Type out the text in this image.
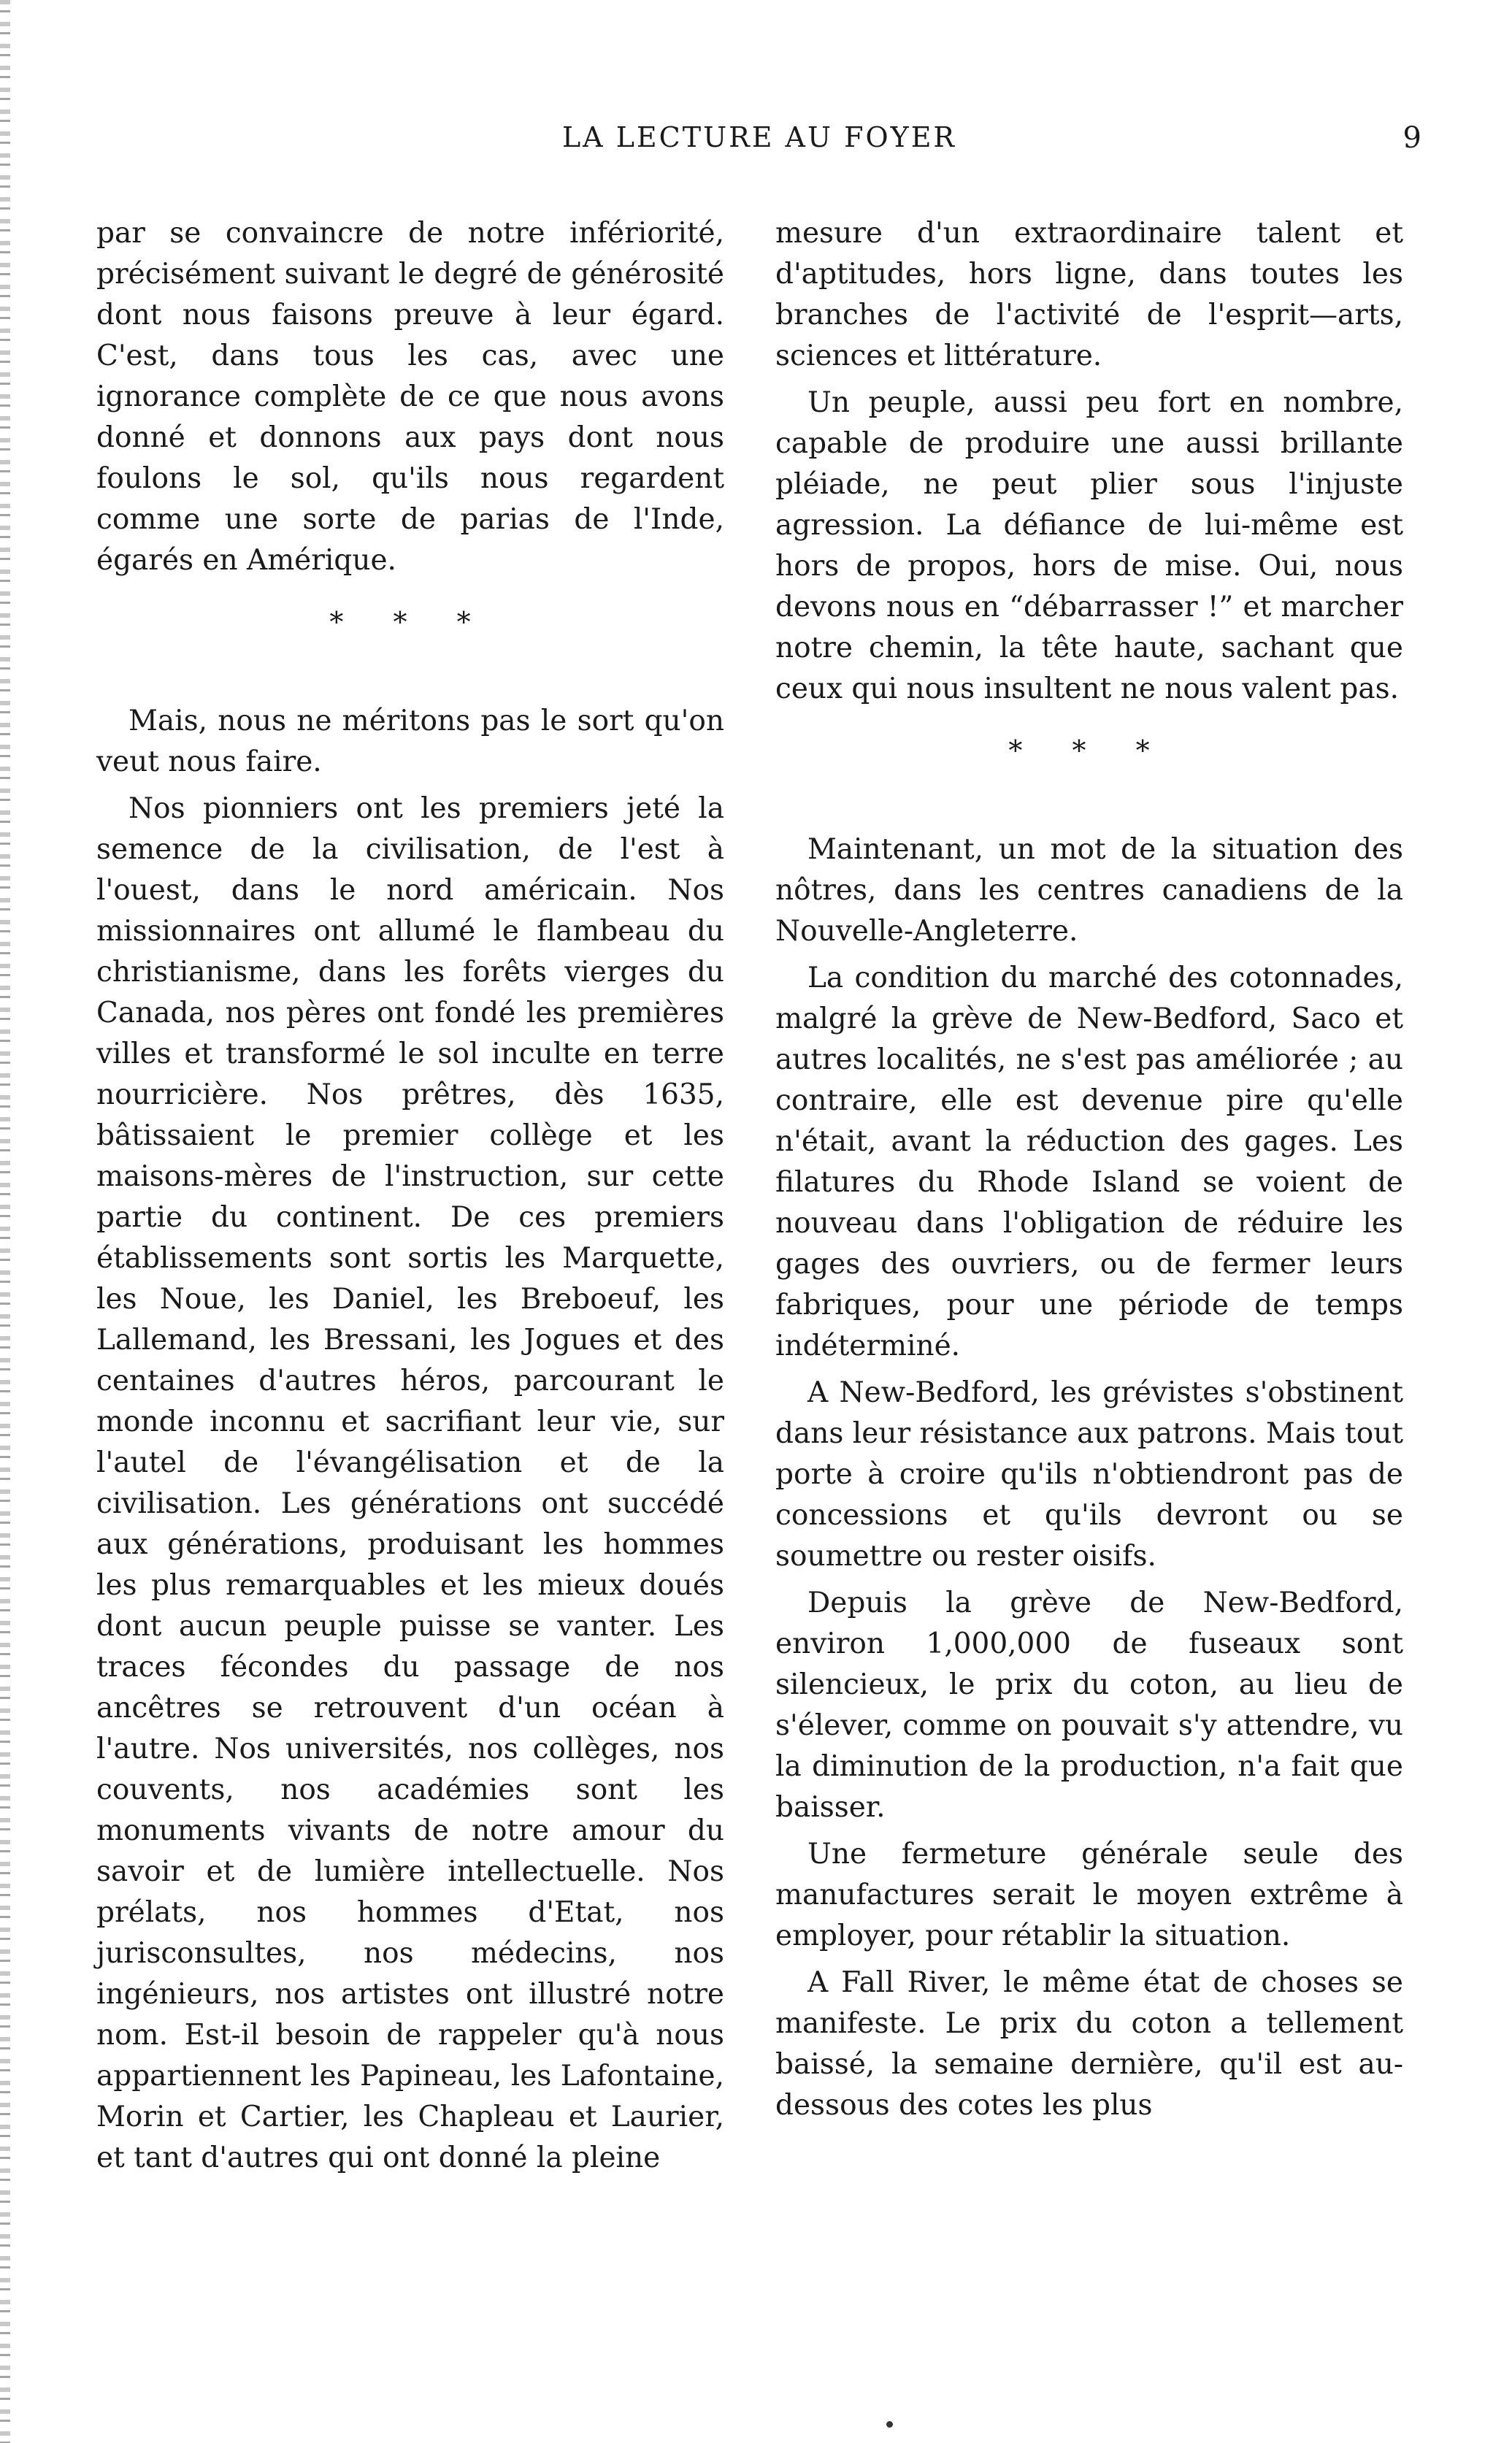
LA LECTURE AU FOYER	9

par se convaincre de notre infériorité, précisément suivant le degré de générosité dont nous faisons preuve à leur égard. C'est, dans tous les cas, avec une ignorance complète de ce que nous avons donné et donnons aux pays dont nous foulons le sol, qu'ils nous regardent comme une sorte de parias de l'Inde, égarés en Amérique.

* * *

Mais, nous ne méritons pas le sort qu'on veut nous faire.

Nos pionniers ont les premiers jeté la semence de la civilisation, de l'est à l'ouest, dans le nord américain. Nos missionnaires ont allumé le flambeau du christianisme, dans les forêts vierges du Canada, nos pères ont fondé les premières villes et transformé le sol inculte en terre nourricière. Nos prêtres, dès 1635, bâtissaient le premier collège et les maisons-mères de l'instruction, sur cette partie du continent. De ces premiers établissements sont sortis les Marquette, les Noue, les Daniel, les Breboeuf, les Lallemand, les Bressani, les Jogues et des centaines d'autres héros, parcourant le monde inconnu et sacrifiant leur vie, sur l'autel de l'évangélisation et de la civilisation. Les générations ont succédé aux générations, produisant les hommes les plus remarquables et les mieux doués dont aucun peuple puisse se vanter. Les traces fécondes du passage de nos ancêtres se retrouvent d'un océan à l'autre. Nos universités, nos collèges, nos couvents, nos académies sont les monuments vivants de notre amour du savoir et de lumière intellectuelle. Nos prélats, nos hommes d'Etat, nos jurisconsultes, nos médecins, nos ingénieurs, nos artistes ont illustré notre nom. Est-il besoin de rappeler qu'à nous appartiennent les Papineau, les Lafontaine, Morin et Cartier, les Chapleau et Laurier, et tant d'autres qui ont donné la pleine

mesure d'un extraordinaire talent et d'aptitudes, hors ligne, dans toutes les branches de l'activité de l'esprit—arts, sciences et littérature.

Un peuple, aussi peu fort en nombre, capable de produire une aussi brillante pléiade, ne peut plier sous l'injuste agression. La défiance de lui-même est hors de propos, hors de mise. Oui, nous devons nous en “débarrasser !” et marcher notre chemin, la tête haute, sachant que ceux qui nous insultent ne nous valent pas.

* * *

Maintenant, un mot de la situation des nôtres, dans les centres canadiens de la Nouvelle-Angleterre.

La condition du marché des cotonnades, malgré la grève de New-Bedford, Saco et autres localités, ne s'est pas améliorée ; au contraire, elle est devenue pire qu'elle n'était, avant la réduction des gages. Les filatures du Rhode Island se voient de nouveau dans l'obligation de réduire les gages des ouvriers, ou de fermer leurs fabriques, pour une période de temps indéterminé.

A New-Bedford, les grévistes s'obstinent dans leur résistance aux patrons. Mais tout porte à croire qu'ils n'obtiendront pas de concessions et qu'ils devront ou se soumettre ou rester oisifs.

Depuis la grève de New-Bedford, environ 1,000,000 de fuseaux sont silencieux, le prix du coton, au lieu de s'élever, comme on pouvait s'y attendre, vu la diminution de la production, n'a fait que baisser.

Une fermeture générale seule des manufactures serait le moyen extrême à employer, pour rétablir la situation.

A Fall River, le même état de choses se manifeste. Le prix du coton a tellement baissé, la semaine dernière, qu'il est au-dessous des cotes les plus
